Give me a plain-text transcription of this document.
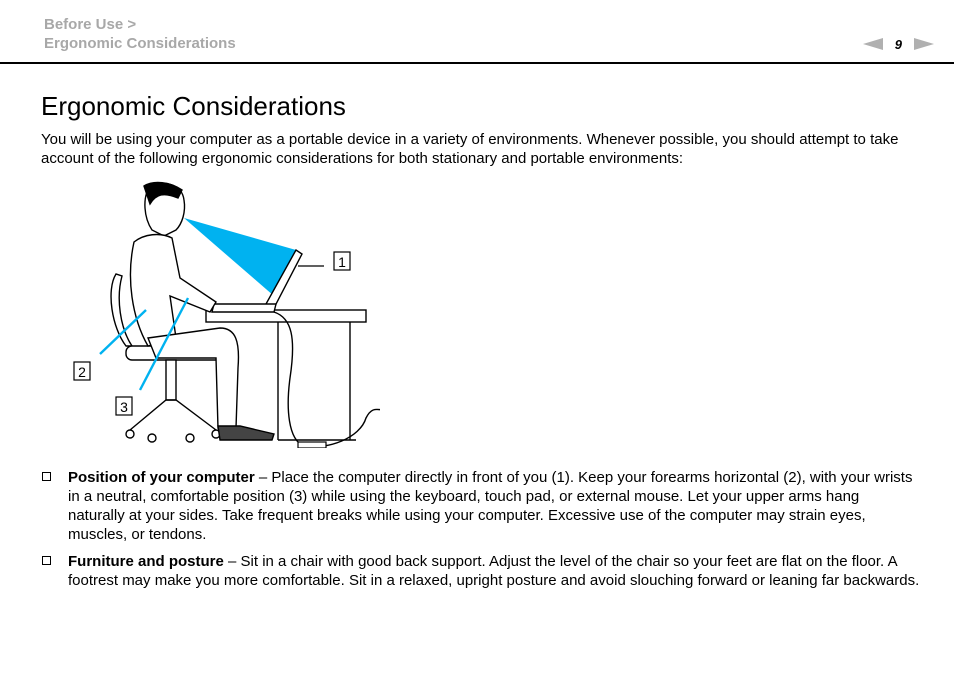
Before Use >
Ergonomic Considerations	9
Ergonomic Considerations

You will be using your computer as a portable device in a variety of environments. Whenever possible, you should attempt to take account of the following ergonomic considerations for both stationary and portable environments:

1
2
3
Position of your computer – Place the computer directly in front of you (1). Keep your forearms horizontal (2), with your wrists in a neutral, comfortable position (3) while using the keyboard, touch pad, or external mouse. Let your upper arms hang naturally at your sides. Take frequent breaks while using your computer. Excessive use of the computer may strain eyes, muscles, or tendons.
Furniture and posture – Sit in a chair with good back support. Adjust the level of the chair so your feet are flat on the floor. A footrest may make you more comfortable. Sit in a relaxed, upright posture and avoid slouching forward or leaning far backwards.
